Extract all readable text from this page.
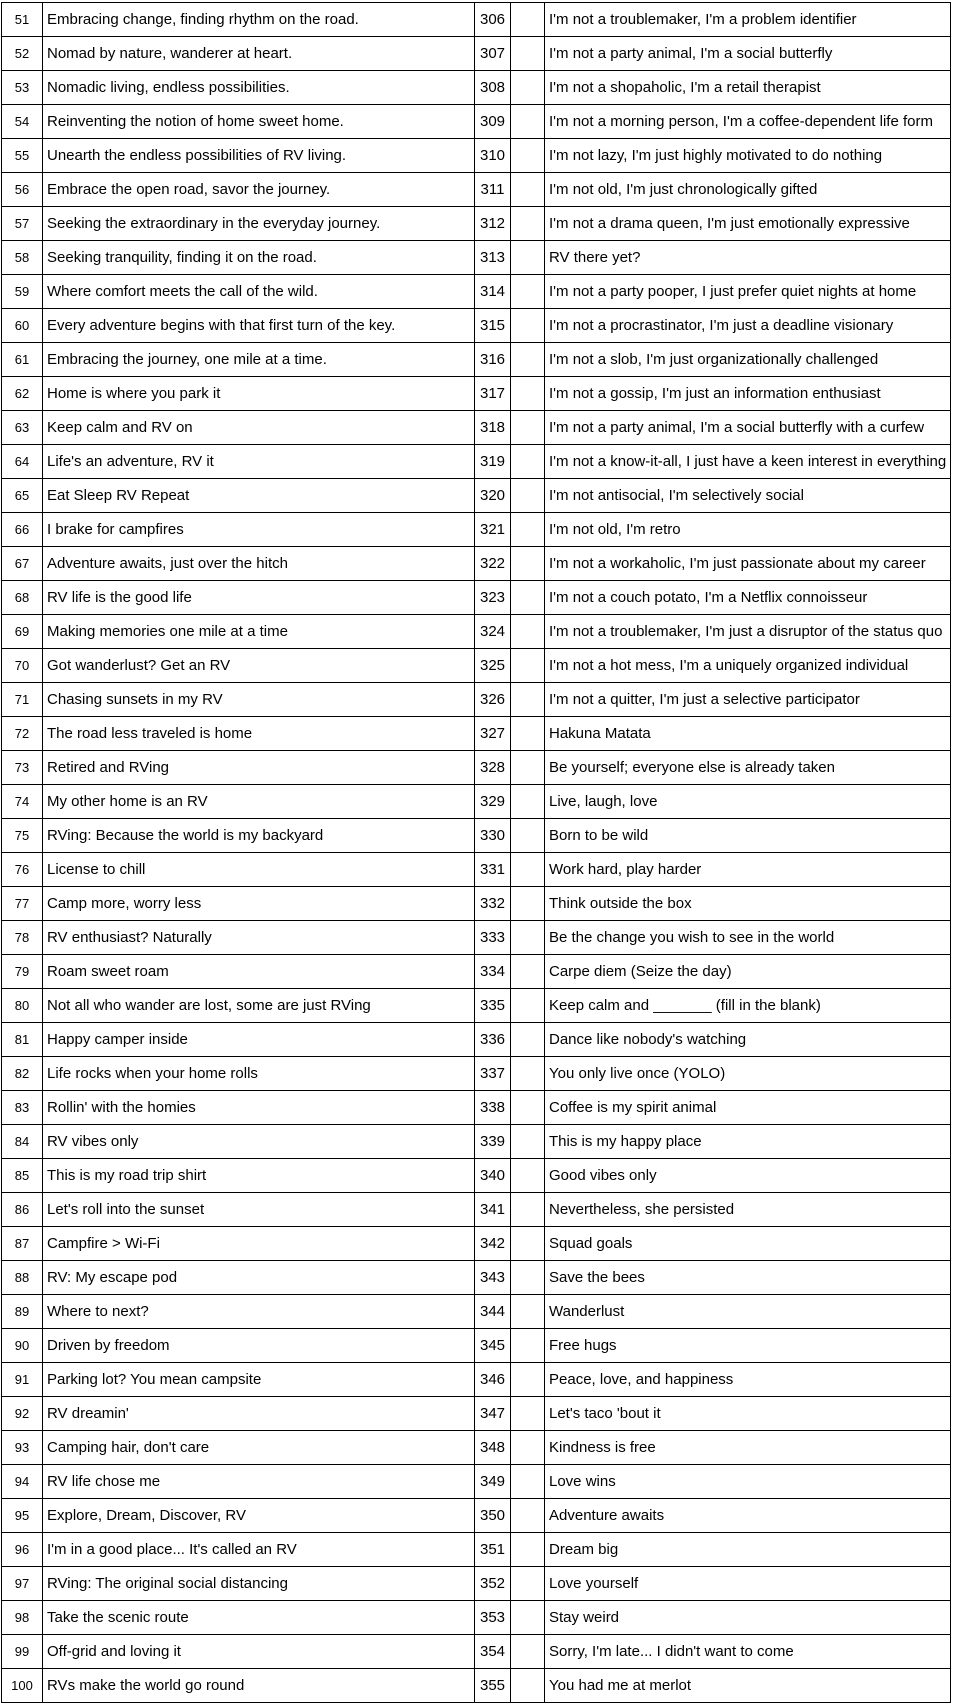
51	Embracing change, finding rhythm on the road.	306		I'm not a troublemaker, I'm a problem identifier
52	Nomad by nature, wanderer at heart.	307		I'm not a party animal, I'm a social butterfly
53	Nomadic living, endless possibilities.	308		I'm not a shopaholic, I'm a retail therapist
54	Reinventing the notion of home sweet home.	309		I'm not a morning person, I'm a coffee-dependent life form
55	Unearth the endless possibilities of RV living.	310		I'm not lazy, I'm just highly motivated to do nothing
56	Embrace the open road, savor the journey.	311		I'm not old, I'm just chronologically gifted
57	Seeking the extraordinary in the everyday journey.	312		I'm not a drama queen, I'm just emotionally expressive
58	Seeking tranquility, finding it on the road.	313		RV there yet?
59	Where comfort meets the call of the wild.	314		I'm not a party pooper, I just prefer quiet nights at home
60	Every adventure begins with that first turn of the key.	315		I'm not a procrastinator, I'm just a deadline visionary
61	Embracing the journey, one mile at a time.	316		I'm not a slob, I'm just organizationally challenged
62	Home is where you park it	317		I'm not a gossip, I'm just an information enthusiast
63	Keep calm and RV on	318		I'm not a party animal, I'm a social butterfly with a curfew
64	Life's an adventure, RV it	319		I'm not a know-it-all, I just have a keen interest in everything
65	Eat Sleep RV Repeat	320		I'm not antisocial, I'm selectively social
66	I brake for campfires	321		I'm not old, I'm retro
67	Adventure awaits, just over the hitch	322		I'm not a workaholic, I'm just passionate about my career
68	RV life is the good life	323		I'm not a couch potato, I'm a Netflix connoisseur
69	Making memories one mile at a time	324		I'm not a troublemaker, I'm just a disruptor of the status quo
70	Got wanderlust? Get an RV	325		I'm not a hot mess, I'm a uniquely organized individual
71	Chasing sunsets in my RV	326		I'm not a quitter, I'm just a selective participator
72	The road less traveled is home	327		Hakuna Matata
73	Retired and RVing	328		Be yourself; everyone else is already taken
74	My other home is an RV	329		Live, laugh, love
75	RVing: Because the world is my backyard	330		Born to be wild
76	License to chill	331		Work hard, play harder
77	Camp more, worry less	332		Think outside the box
78	RV enthusiast? Naturally	333		Be the change you wish to see in the world
79	Roam sweet roam	334		Carpe diem (Seize the day)
80	Not all who wander are lost, some are just RVing	335		Keep calm and _______ (fill in the blank)
81	Happy camper inside	336		Dance like nobody's watching
82	Life rocks when your home rolls	337		You only live once (YOLO)
83	Rollin' with the homies	338		Coffee is my spirit animal
84	RV vibes only	339		This is my happy place
85	This is my road trip shirt	340		Good vibes only
86	Let's roll into the sunset	341		Nevertheless, she persisted
87	Campfire > Wi-Fi	342		Squad goals
88	RV: My escape pod	343		Save the bees
89	Where to next?	344		Wanderlust
90	Driven by freedom	345		Free hugs
91	Parking lot? You mean campsite	346		Peace, love, and happiness
92	RV dreamin'	347		Let's taco 'bout it
93	Camping hair, don't care	348		Kindness is free
94	RV life chose me	349		Love wins
95	Explore, Dream, Discover, RV	350		Adventure awaits
96	I'm in a good place... It's called an RV	351		Dream big
97	RVing: The original social distancing	352		Love yourself
98	Take the scenic route	353		Stay weird
99	Off-grid and loving it	354		Sorry, I'm late... I didn't want to come
100	RVs make the world go round	355		You had me at merlot
